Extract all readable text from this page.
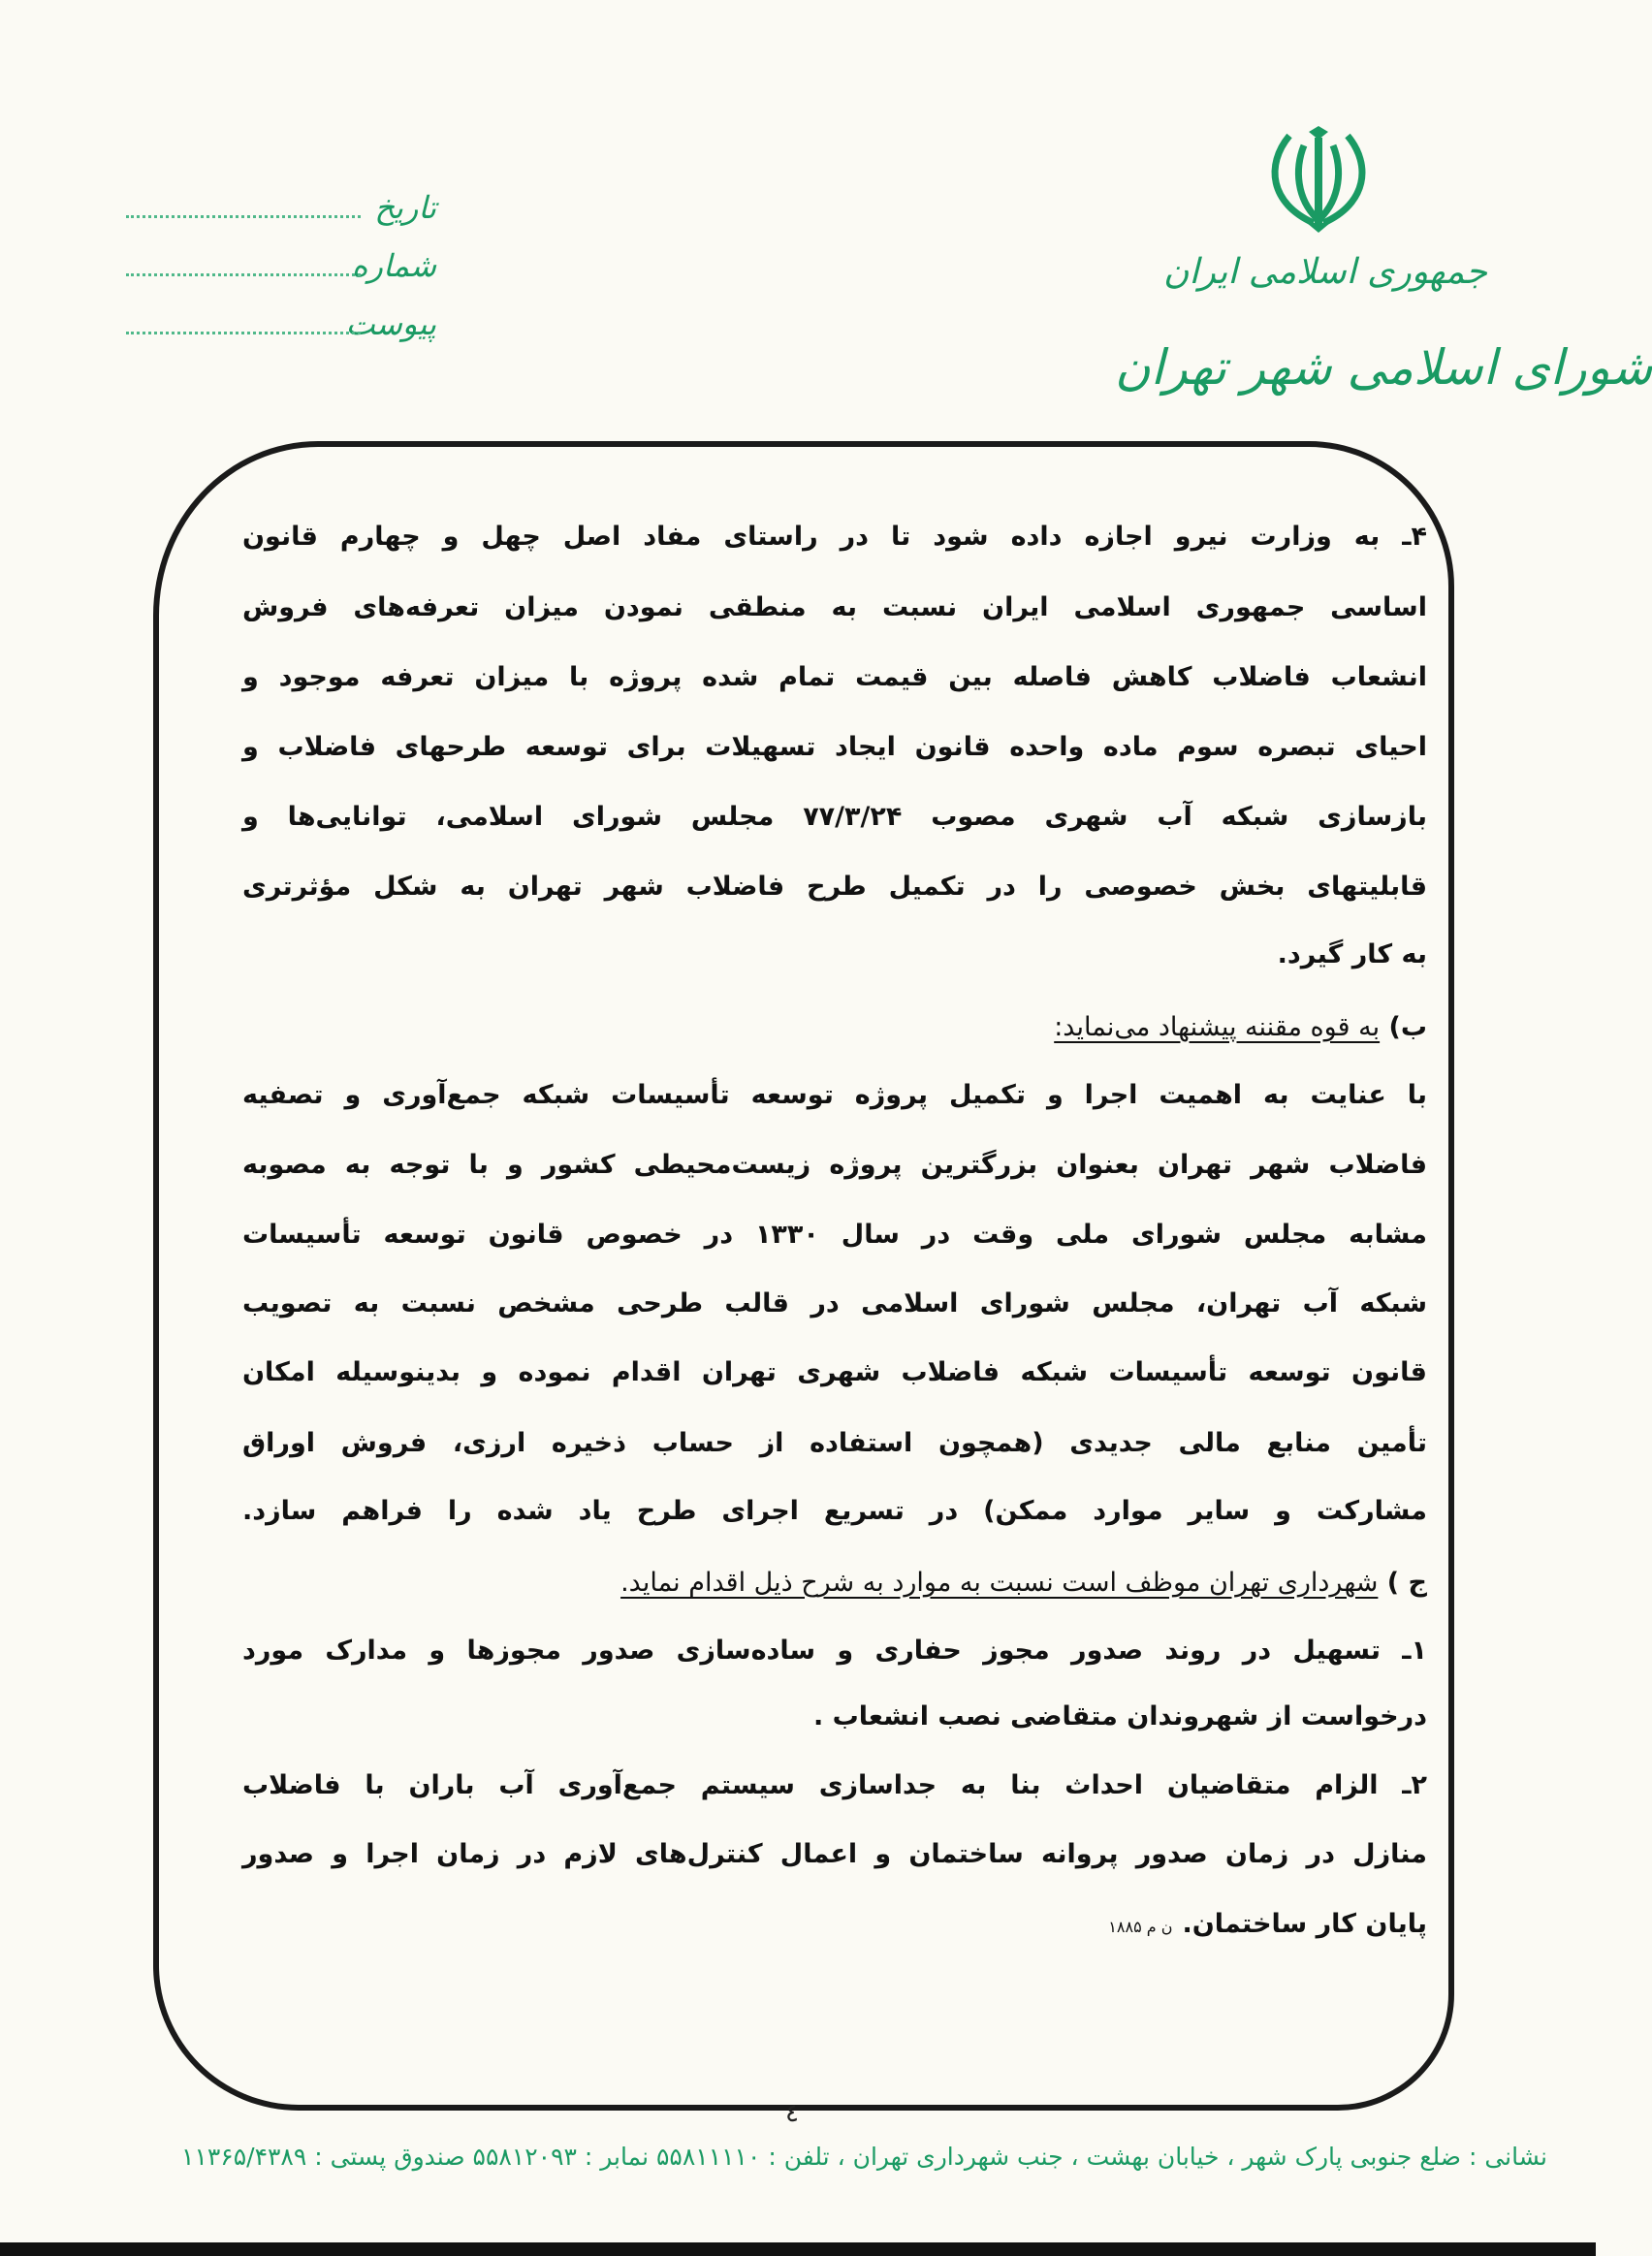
جمهوری اسلامی ایران
شورای اسلامی شهر تهران
تاریخ
شماره
پیوست
۴ـ به وزارت نیرو اجازه داده شود تا در راستای مفاد اصل چهل و چهارم قانون
اساسی جمهوری اسلامی ایران نسبت به منطقی نمودن میزان تعرفه‌های فروش
انشعاب فاضلاب کاهش فاصله بین قیمت تمام شده پروژه با میزان تعرفه موجود و
احیای تبصره سوم ماده واحده قانون ایجاد تسهیلات برای توسعه طرحهای فاضلاب و
بازسازی شبکه آب شهری مصوب ۷۷/۳/۲۴ مجلس شورای اسلامی، توانایی‌ها و
قابلیتهای بخش خصوصی را در تکمیل طرح فاضلاب شهر تهران به شکل مؤثرتری
به کار گیرد.
ب) به قوه مقننه پیشنهاد می‌نماید:
با عنایت به اهمیت اجرا و تکمیل پروژه توسعه تأسیسات شبکه جمع‌آوری و تصفیه
فاضلاب شهر تهران بعنوان بزرگترین پروژه زیست‌محیطی کشور و با توجه به مصوبه
مشابه مجلس شورای ملی وقت در سال ۱۳۳۰ در خصوص قانون توسعه تأسیسات
شبکه آب تهران، مجلس شورای اسلامی در قالب طرحی مشخص نسبت به تصویب
قانون توسعه تأسیسات شبکه فاضلاب شهری تهران اقدام نموده و بدینوسیله امکان
تأمین منابع مالی جدیدی (همچون استفاده از حساب ذخیره ارزی، فروش اوراق
مشارکت و سایر موارد ممکن) در تسریع اجرای طرح یاد شده را فراهم سازد.
ج ) شهرداری تهران موظف است نسبت به موارد به شرح ذیل اقدام نماید.
۱ـ تسهیل در روند صدور مجوز حفاری و ساده‌سازی صدور مجوزها و مدارک مورد
درخواست از شهروندان متقاضی نصب انشعاب .
۲ـ الزام متقاضیان احداث بنا به جداسازی سیستم جمع‌آوری آب باران با فاضلاب
منازل در زمان صدور پروانه ساختمان و اعمال کنترل‌های لازم در زمان اجرا و صدور
پایان کار ساختمان.ن م ۱۸۸۵
٤
نشانی : ضلع جنوبی پارک شهر ، خیابان بهشت ، جنب شهرداری تهران ، تلفن : ۵۵۸۱۱۱۱۰ نمابر : ۵۵۸۱۲۰۹۳ صندوق پستی : ۱۱۳۶۵/۴۳۸۹
